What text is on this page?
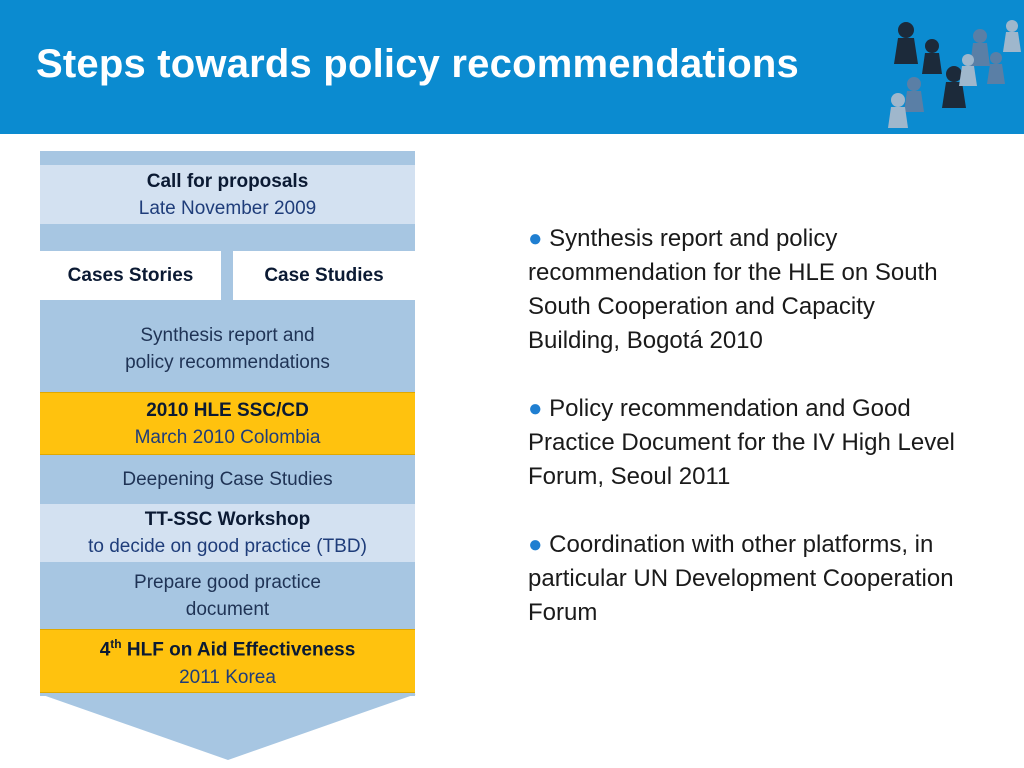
Steps towards policy recommendations
Call for proposals
Late November 2009
Cases Stories	Case Studies
Synthesis report and
policy recommendations
2010 HLE SSC/CD
March 2010 Colombia
Deepening Case Studies
TT-SSC Workshop
to decide on good practice (TBD)
Prepare good practice
document
4th HLF on Aid Effectiveness
2011 Korea
● Synthesis report and policy recommendation for the HLE on South South Cooperation and Capacity Building, Bogotá 2010
● Policy recommendation and Good Practice Document for the IV High Level Forum, Seoul 2011
● Coordination with other platforms, in particular UN Development Cooperation Forum
